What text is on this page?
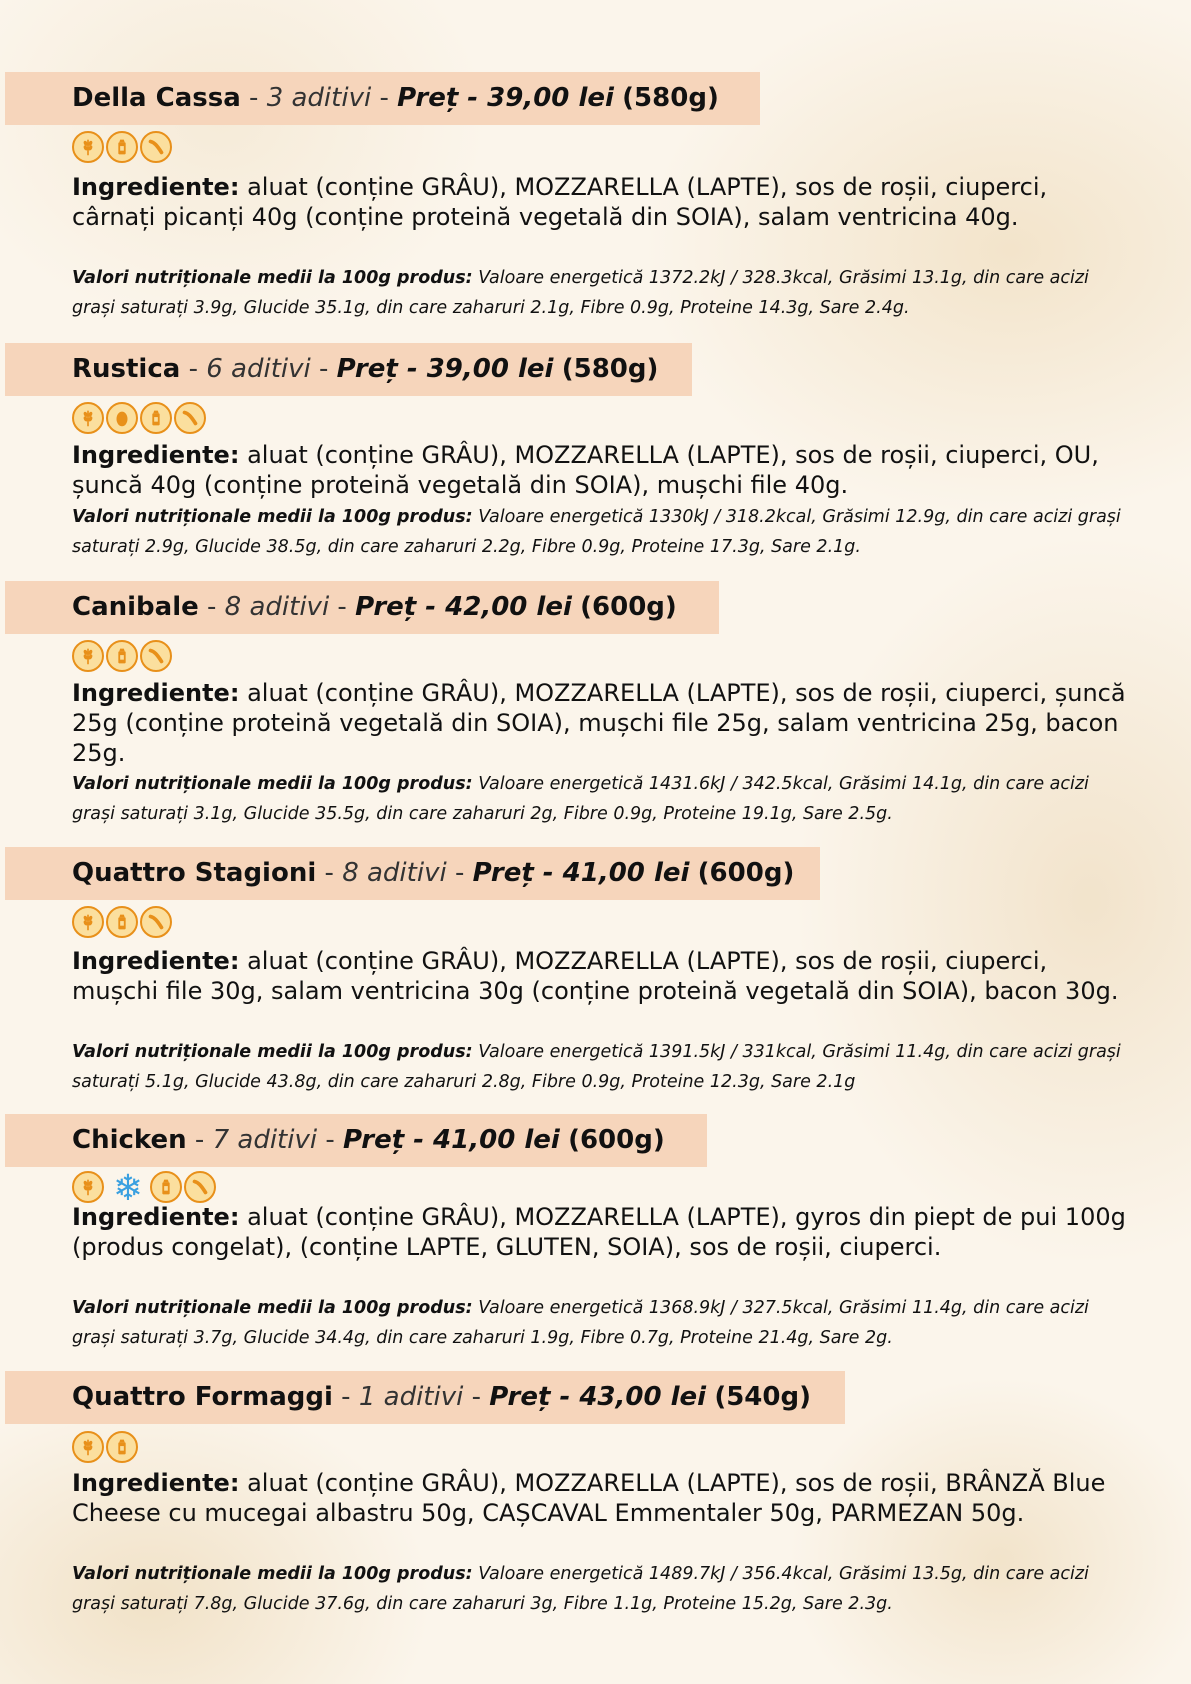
Della Cassa - 3 aditivi - Preț - 39,00 lei (580g)

Ingrediente: aluat (conține GRÂU), MOZZARELLA (LAPTE), sos de roșii, ciuperci, cârnați picanți 40g (conține proteină vegetală din SOIA), salam ventricina 40g.

Valori nutriționale medii la 100g produs: Valoare energetică 1372.2kJ / 328.3kcal, Grăsimi 13.1g, din care acizi grași saturați 3.9g, Glucide 35.1g, din care zaharuri 2.1g, Fibre 0.9g, Proteine 14.3g, Sare 2.4g.

Rustica - 6 aditivi - Preț - 39,00 lei (580g)

Ingrediente: aluat (conține GRÂU), MOZZARELLA (LAPTE), sos de roșii, ciuperci, OU, șuncă 40g (conține proteină vegetală din SOIA), mușchi file 40g.

Valori nutriționale medii la 100g produs: Valoare energetică 1330kJ / 318.2kcal, Grăsimi 12.9g, din care acizi grași saturați 2.9g, Glucide 38.5g, din care zaharuri 2.2g, Fibre 0.9g, Proteine 17.3g, Sare 2.1g.

Canibale - 8 aditivi - Preț - 42,00 lei (600g)

Ingrediente: aluat (conține GRÂU), MOZZARELLA (LAPTE), sos de roșii, ciuperci, șuncă 25g (conține proteină vegetală din SOIA), mușchi file 25g, salam ventricina 25g, bacon 25g.

Valori nutriționale medii la 100g produs: Valoare energetică 1431.6kJ / 342.5kcal, Grăsimi 14.1g, din care acizi grași saturați 3.1g, Glucide 35.5g, din care zaharuri 2g, Fibre 0.9g, Proteine 19.1g, Sare 2.5g.

Quattro Stagioni - 8 aditivi - Preț - 41,00 lei (600g)

Ingrediente: aluat (conține GRÂU), MOZZARELLA (LAPTE), sos de roșii, ciuperci, mușchi file 30g, salam ventricina 30g (conține proteină vegetală din SOIA), bacon 30g.

Valori nutriționale medii la 100g produs: Valoare energetică 1391.5kJ / 331kcal, Grăsimi 11.4g, din care acizi grași saturați 5.1g, Glucide 43.8g, din care zaharuri 2.8g, Fibre 0.9g, Proteine 12.3g, Sare 2.1g

Chicken - 7 aditivi - Preț - 41,00 lei (600g)
❄

Ingrediente: aluat (conține GRÂU), MOZZARELLA (LAPTE), gyros din piept de pui 100g (produs congelat), (conține LAPTE, GLUTEN, SOIA), sos de roșii, ciuperci.

Valori nutriționale medii la 100g produs: Valoare energetică 1368.9kJ / 327.5kcal, Grăsimi 11.4g, din care acizi grași saturați 3.7g, Glucide 34.4g, din care zaharuri 1.9g, Fibre 0.7g, Proteine 21.4g, Sare 2g.

Quattro Formaggi - 1 aditivi - Preț - 43,00 lei (540g)

Ingrediente: aluat (conține GRÂU), MOZZARELLA (LAPTE), sos de roșii, BRÂNZĂ Blue Cheese cu mucegai albastru 50g, CAȘCAVAL Emmentaler 50g, PARMEZAN 50g.

Valori nutriționale medii la 100g produs: Valoare energetică 1489.7kJ / 356.4kcal, Grăsimi 13.5g, din care acizi grași saturați 7.8g, Glucide 37.6g, din care zaharuri 3g, Fibre 1.1g, Proteine 15.2g, Sare 2.3g.
